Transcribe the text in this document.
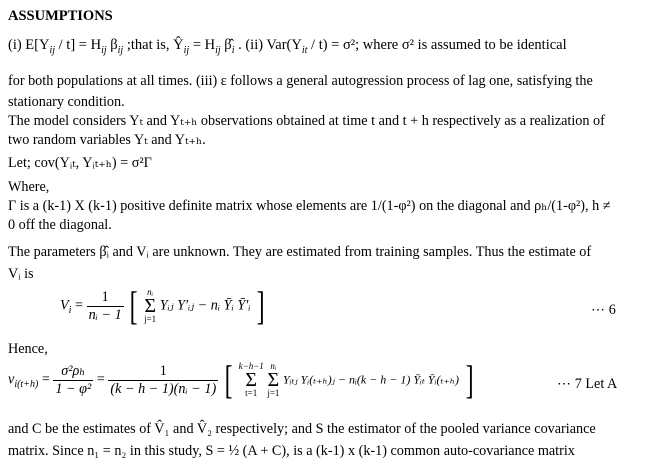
ASSUMPTIONS
(i) $E[Y_{ij} / t] = H_{ij}$ $\beta_{ij}$ ;that is, $Ŷ_{ij} = H_{ij}$ $\betâ_i$ . (ii) $Var(Y_{it} / t) = \sigma^2$; where σ² is assumed to be identical
for both populations at all times. (iii) ε follows a general autogression process of lag one, satisfying the
stationary condition.
The model considers Yₜ and Yₜ₊ₕ observations obtained at time t and t + h respectively as a realization of
two random variables Yₜ and Yₜ₊ₕ.
Let; cov(Yᵢₜ, Yᵢₜ₊ₕ) = σ²Γ
Where,
Γ is a (k-1) X (k-1) positive definite matrix whose elements are 1/(1-φ²) on the diagonal and ρₕ/(1-φ²), h ≠
0 off the diagonal.
The parameters β̂ᵢ and Vᵢ are unknown. They are estimated from training samples. Thus the estimate of
Vᵢ is
$V_i = \frac{1}{\text{nᵢ − 1}}$ [	nᵢ
Σ
j=1
Yᵢⱼ Y′ᵢⱼ − nᵢ Ȳᵢ Ȳ′ᵢ ]	⋯ 6
Hence,
$v_{i(t+h)} = \frac{\text{σ²ρₕ}}{\text{1 − φ²}} = \frac{1}{\text{(k − h − 1)(nᵢ − 1)}}$ [ k−h−1
Σ
t=1

nᵢ
Σ
j=1
Yᵢₜⱼ Yᵢ(ₜ₊ₕ)ⱼ − nᵢ(k − h − 1) Ȳᵢₜ Ȳᵢ(ₜ₊ₕ) ]	⋯ 7 Let A
and C be the estimates of V̂₁ and V̂₂ respectively; and S the estimator of the pooled variance covariance
matrix. Since n₁ = n₂ in this study, S = ½ (A + C), is a (k-1) x (k-1) common auto-covariance matrix
